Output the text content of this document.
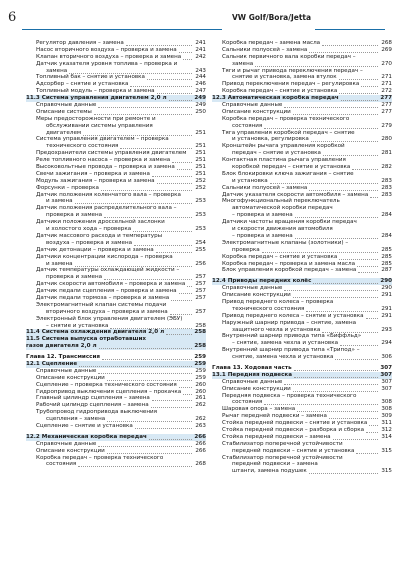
6	VW Golf/Bora/Jetta
Регулятор давления – замена	241
Насос вторичного воздуха – проверка и замена	241
Клапан вторичного воздуха – проверка и замена	242
Датчик указателя уровня топлива – проверка и
замена	243
Топливный бак – снятие и установка	244
Адсорбер – снятие и установка	246
Топливный модуль – проверка и замена	247
11.3 Система управления двигателем 2,0 л	249
Справочные данные	249
Описание системы	250
Меры предосторожности при ремонте и
обслуживании системы управления
двигателем	251
Система управления двигателем – проверка
технического состояния	251
Предохранители системы управления двигателем 251
Реле топливного насоса – проверка и замена	251
Высоковольтные провода – проверка и замена	251
Свечи зажигания – проверка и замена	251
Модуль зажигания – проверка и замена	252
Форсунки – проверка	252
Датчик положения коленчатого вала – проверка
и замена	253
Датчик положения распределительного вала –
проверка и замена	253
Датчики положения дроссельной заслонки
и холостого хода – проверка	253
Датчик массового расхода и температуры
воздуха – проверка и замена	254
Датчик детонации – проверка и замена	255
Датчики концентрации кислорода – проверка
и замена	256
Датчик температуры охлаждающей жидкости –
проверка и замена	257
Датчик скорости автомобиля – проверка и замена 257
Датчик педали сцепления – проверка и замена	257
Датчик педали тормоза – проверка и замена	257
Электромагнитный клапан системы подачи
вторичного воздуха – проверка и замена	257
Электронный блок управления двигателем (ЭБУ)
– снятие и установка	258
11.4 Система охлаждения двигателя 2,0 л	258
11.5 Система выпуска отработавших
газов двигателя 2,0 л	258
Глава 12. Трансмиссия	259
12.1 Сцепление	259
Справочные данные	259
Описание конструкции	259
Сцепление – проверка технического состояния	260
Гидропривод выключения сцепления – прокачка	260
Главный цилиндр сцепления – замена	261
Рабочий цилиндр сцепления – замена	262
Трубопровод гидропривода выключения
сцепления – замена	262
Сцепление – снятие и установка	263
12.2 Механическая коробка передач	266
Справочные данные	266
Описание конструкции	266
Коробка передач – проверка технического
состояния	268
Коробка передач – замена масла	268
Сальники полуосей – замена	269
Сальник первичного вала коробки передач –
замена	270
Тяги и рычаг привода переключения передач –
снятие и установка, замена втулок	271
Привод переключения передач – регулировка	271
Коробка передач – снятие и установка	272
12.3 Автоматическая коробка передач	277
Справочные данные	277
Описание конструкции	277
Коробка передач – проверка технического
состояния	279
Тяга управления коробкой передач – снятие
и установка, регулировка	280
Кронштейн рычага управления коробкой
передач – снятие и установка	281
Контактная пластина рычага управления
коробкой передач – снятие и установка	282
Блок блокировки ключа зажигания – снятие
и установка	283
Сальники полуосей – замена	283
Датчик указателя скорости автомобиля – замена 283
Многофункциональный переключатель
автоматической коробки передач
– проверка и замена	284
Датчики частоты вращения коробки передач
и скорости движения автомобиля
– проверка и замена	284
Электромагнитные клапаны (золотники) –
проверка	285
Коробка передач – снятие и установка	285
Коробка передач – проверка и замена масла	285
Блок управления коробкой передач – замена	287
12.4 Приводы передних колёс	290
Справочные данные	290
Описание конструкции	291
Привод переднего колеса – проверка
технического состояния	291
Привод переднего колеса – снятие и установка	291
Наружный шарнир привода – снятие, замена
защитного чехла и установка	293
Внутренний шарнир привода типа «Биффльд»
– снятие, замена чехла и установка	294
Внутренний шарнир привода типа «Трипод» –
снятие, замена чехла и установка	306
Глава 13. Ходовая часть	307
13.1 Передняя подвеска	307
Справочные данные	307
Описание конструкции	307
Передняя подвеска – проверка технического
состояния	308
Шаровая опора – замена	308
Рычаг передней подвески – замена	309
Стойка передней подвески – снятие и установка	311
Стойка передней подвески – разборка и сборка	312
Стойка передней подвески – замена	314
Стабилизатор поперечной устойчивости
передней подвески – снятие и установка	315
Стабилизатор поперечной устойчивости
передней подвески – замена
штанги, замена подушек	315
